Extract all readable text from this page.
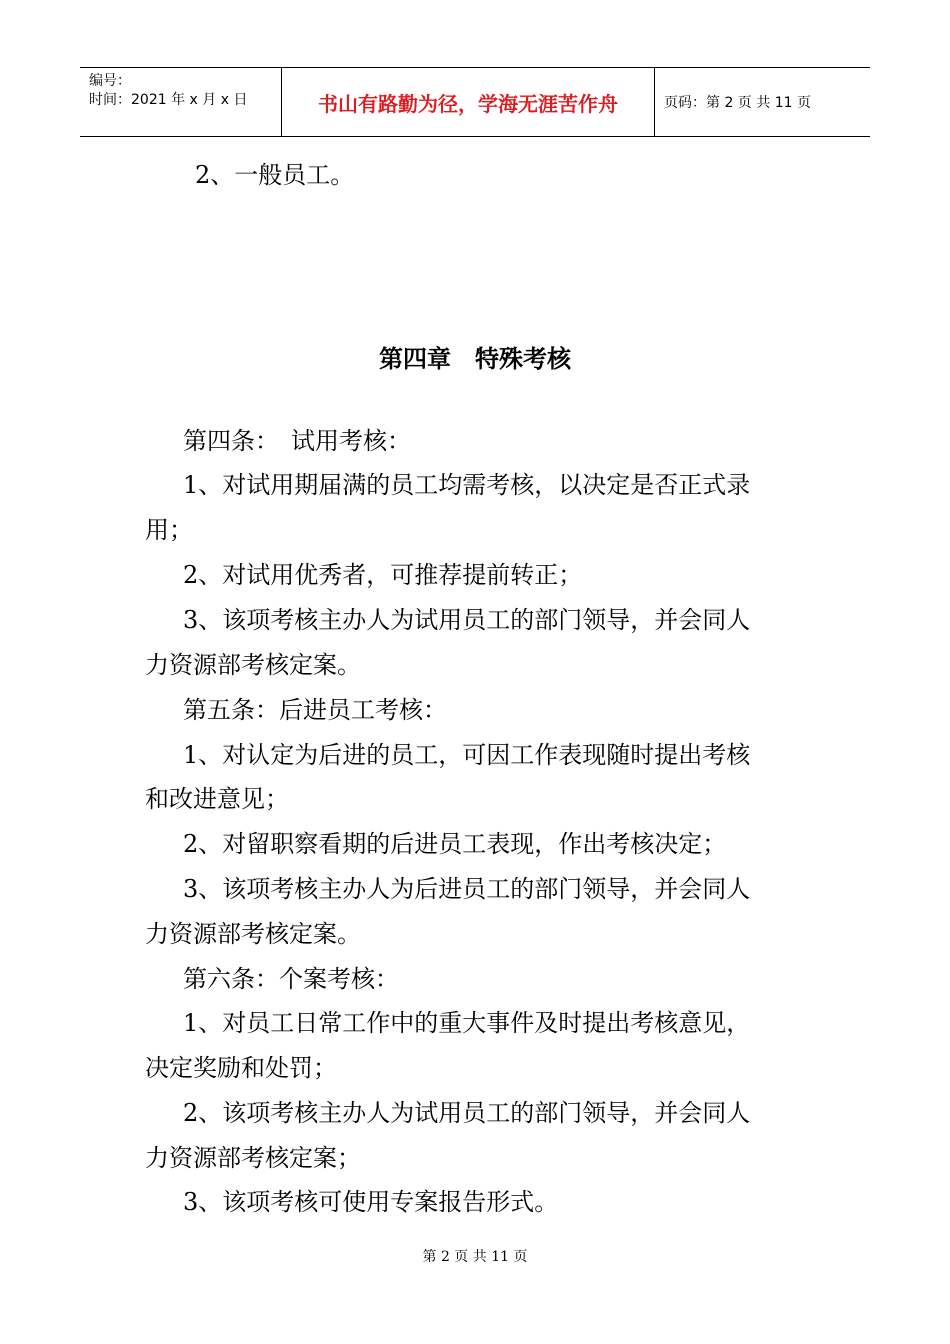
编号：
时间：2021 年 x 月 x 日	书山有路勤为径，学海无涯苦作舟	页码：第 2 页 共 11 页
2、一般员工。
第四章　特殊考核
第四条：　试用考核：
1、对试用期届满的员工均需考核，以决定是否正式录
用；
2、对试用优秀者，可推荐提前转正；
3、该项考核主办人为试用员工的部门领导，并会同人
力资源部考核定案。
第五条：后进员工考核：
1、对认定为后进的员工，可因工作表现随时提出考核
和改进意见；
2、对留职察看期的后进员工表现，作出考核决定；
3、该项考核主办人为后进员工的部门领导，并会同人
力资源部考核定案。
第六条：个案考核：
1、对员工日常工作中的重大事件及时提出考核意见，
决定奖励和处罚；
2、该项考核主办人为试用员工的部门领导，并会同人
力资源部考核定案；
3、该项考核可使用专案报告形式。
第 2 页 共 11 页
